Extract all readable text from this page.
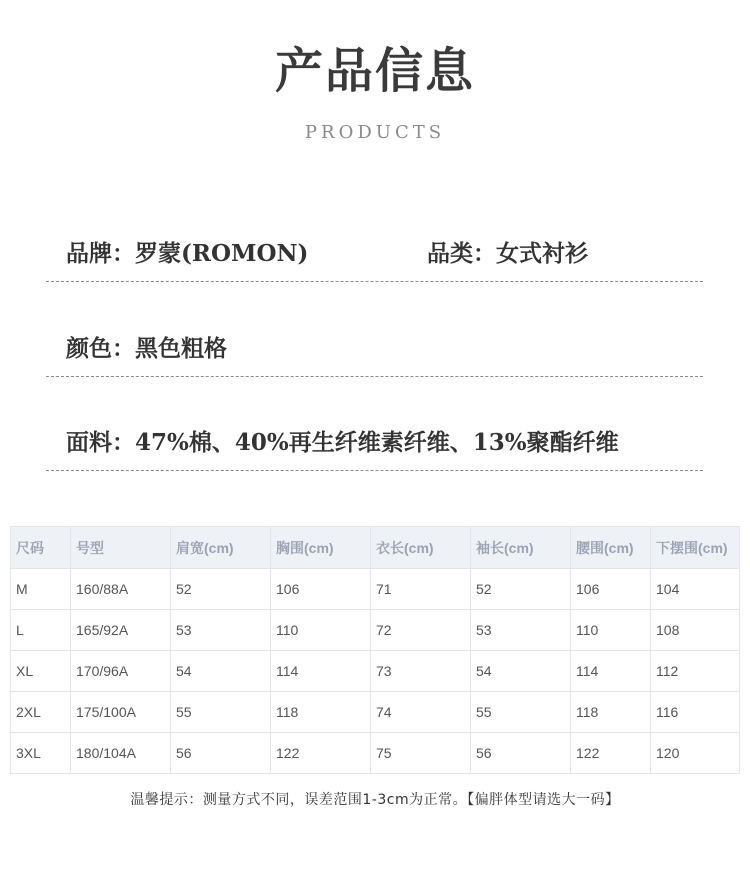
产品信息
PRODUCTS
品牌：罗蒙(ROMON)	品类：女式衬衫
颜色：黑色粗格
面料：47%棉、40%再生纤维素纤维、13%聚酯纤维
尺码	号型	肩宽(cm)	胸围(cm)	衣长(cm)	袖长(cm)	腰围(cm)	下摆围(cm)
M	160/88A	52	106	71	52	106	104
L	165/92A	53	110	72	53	110	108
XL	170/96A	54	114	73	54	114	112
2XL	175/100A	55	118	74	55	118	116
3XL	180/104A	56	122	75	56	122	120
温馨提示：测量方式不同，误差范围1-3cm为正常。【偏胖体型请选大一码】
